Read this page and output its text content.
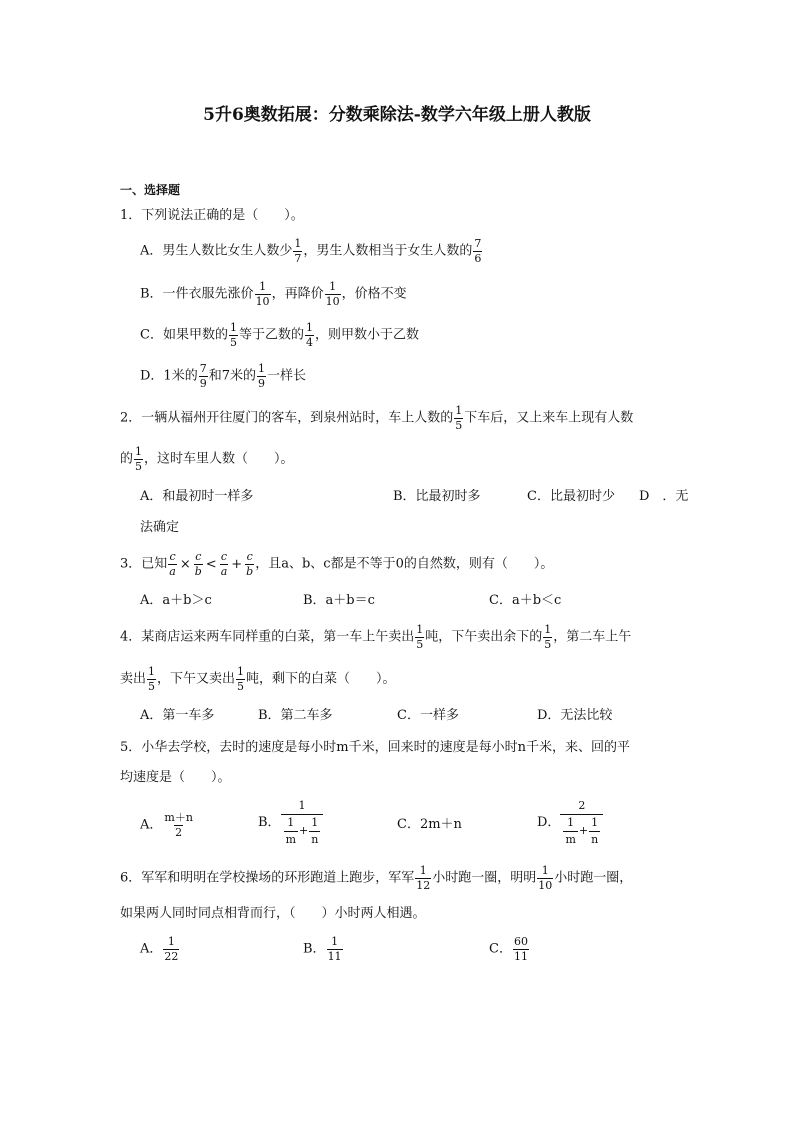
5升6奥数拓展：分数乘除法-数学六年级上册人教版
一、选择题
1．下列说法正确的是（　　）。
A．男生人数比女生人数少 $\frac{1}{7}$ ，男生人数相当于女生人数的 $\frac{7}{6}$
B．一件衣服先涨价 $\frac{1}{10}$ ，再降价 $\frac{1}{10}$ ，价格不变
C．如果甲数的 $\frac{1}{5}$ 等于乙数的 $\frac{1}{4}$ ，则甲数小于乙数
D．1米的 $\frac{7}{9}$ 和7米的 $\frac{1}{9}$ 一样长
2．一辆从福州开往厦门的客车，到泉州站时，车上人数的 $\frac{1}{5}$ 下车后，又上来车上现有人数
的 $\frac{1}{5}$ ，这时车里人数（　　）。
A．和最初时一样多	B．比最初时多	C．比最初时少 D　．无
法确定
3．已知 $\frac{c}{a} \times \frac{c}{b} < \frac{c}{a} + \frac{c}{b}$ ，且a、b、c都是不等于0的自然数，则有（　　）。
A．a＋b＞c	B．a＋b＝c	C．a＋b＜c
4．某商店运来两车同样重的白菜，第一车上午卖出 $\frac{1}{5}$ 吨，下午卖出余下的 $\frac{1}{5}$ ，第二车上午
卖出 $\frac{1}{5}$ ，下午又卖出 $\frac{1}{5}$ 吨，剩下的白菜（　　）。
A．第一车多	B．第二车多	C．一样多	D．无法比较
5．小华去学校，去时的速度是每小时m千米，回来时的速度是每小时n千米，来、回的平
均速度是（　　）。
A． $\frac{m+n}{2}$	B． $\frac{1}{\frac{1}{m} + \frac{1}{n}}$	C．2m＋n	D． $\frac{2}{\frac{1}{m} + \frac{1}{n}}$
6．军军和明明在学校操场的环形跑道上跑步，军军 $\frac{1}{12}$ 小时跑一圈，明明 $\frac{1}{10}$ 小时跑一圈，
如果两人同时同点相背而行，（　　）小时两人相遇。
A． $\frac{1}{22}$	B． $\frac{1}{11}$	C． $\frac{60}{11}$
